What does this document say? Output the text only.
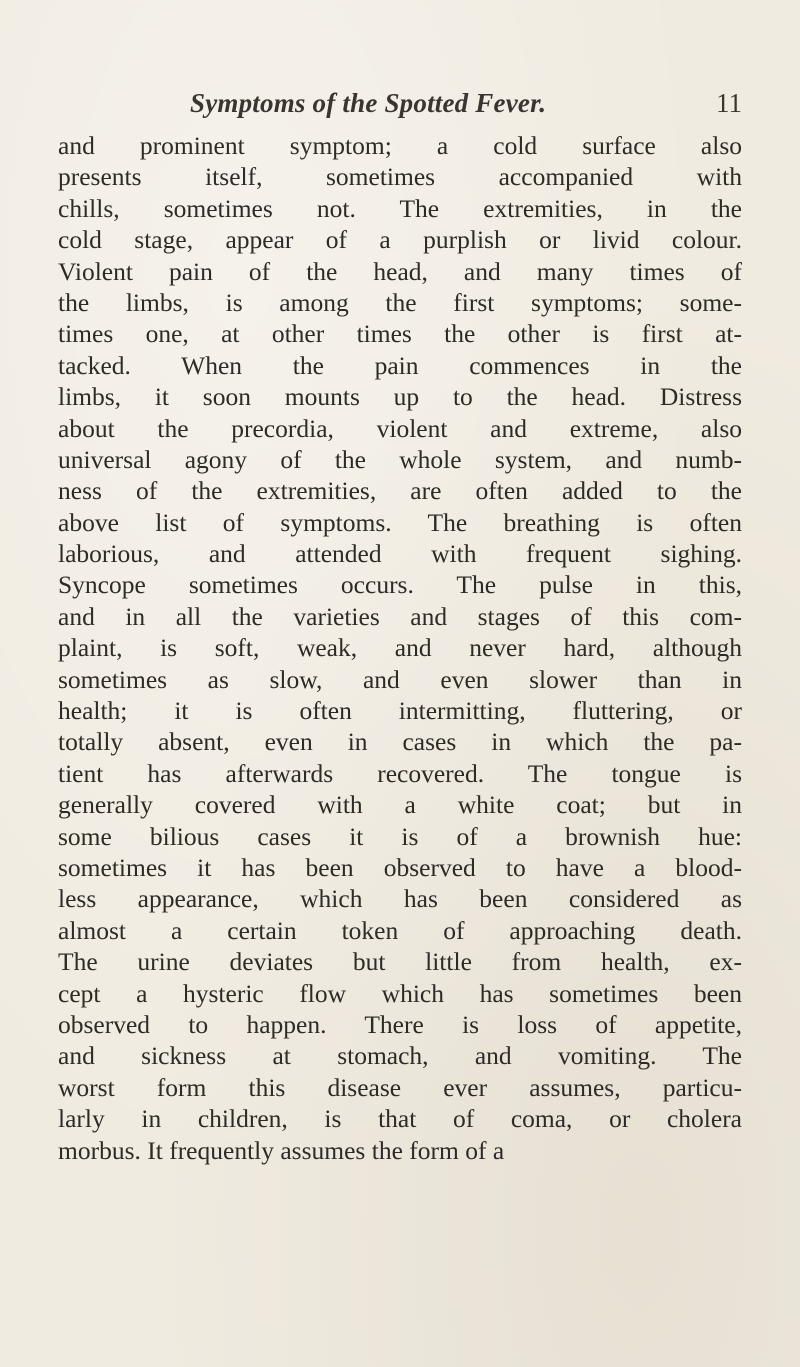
Symptoms of the Spotted Fever.	11
and prominent symptom; a cold surface also
presents itself, sometimes accompanied with
chills, sometimes not. The extremities, in the
cold stage, appear of a purplish or livid colour.
Violent pain of the head, and many times of
the limbs, is among the first symptoms; some-
times one, at other times the other is first at-
tacked. When the pain commences in the
limbs, it soon mounts up to the head. Distress
about the precordia, violent and extreme, also
universal agony of the whole system, and numb-
ness of the extremities, are often added to the
above list of symptoms. The breathing is often
laborious, and attended with frequent sighing.
Syncope sometimes occurs. The pulse in this,
and in all the varieties and stages of this com-
plaint, is soft, weak, and never hard, although
sometimes as slow, and even slower than in
health; it is often intermitting, fluttering, or
totally absent, even in cases in which the pa-
tient has afterwards recovered. The tongue is
generally covered with a white coat; but in
some bilious cases it is of a brownish hue:
sometimes it has been observed to have a blood-
less appearance, which has been considered as
almost a certain token of approaching death.
The urine deviates but little from health, ex-
cept a hysteric flow which has sometimes been
observed to happen. There is loss of appetite,
and sickness at stomach, and vomiting. The
worst form this disease ever assumes, particu-
larly in children, is that of coma, or cholera
morbus. It frequently assumes the form of a
